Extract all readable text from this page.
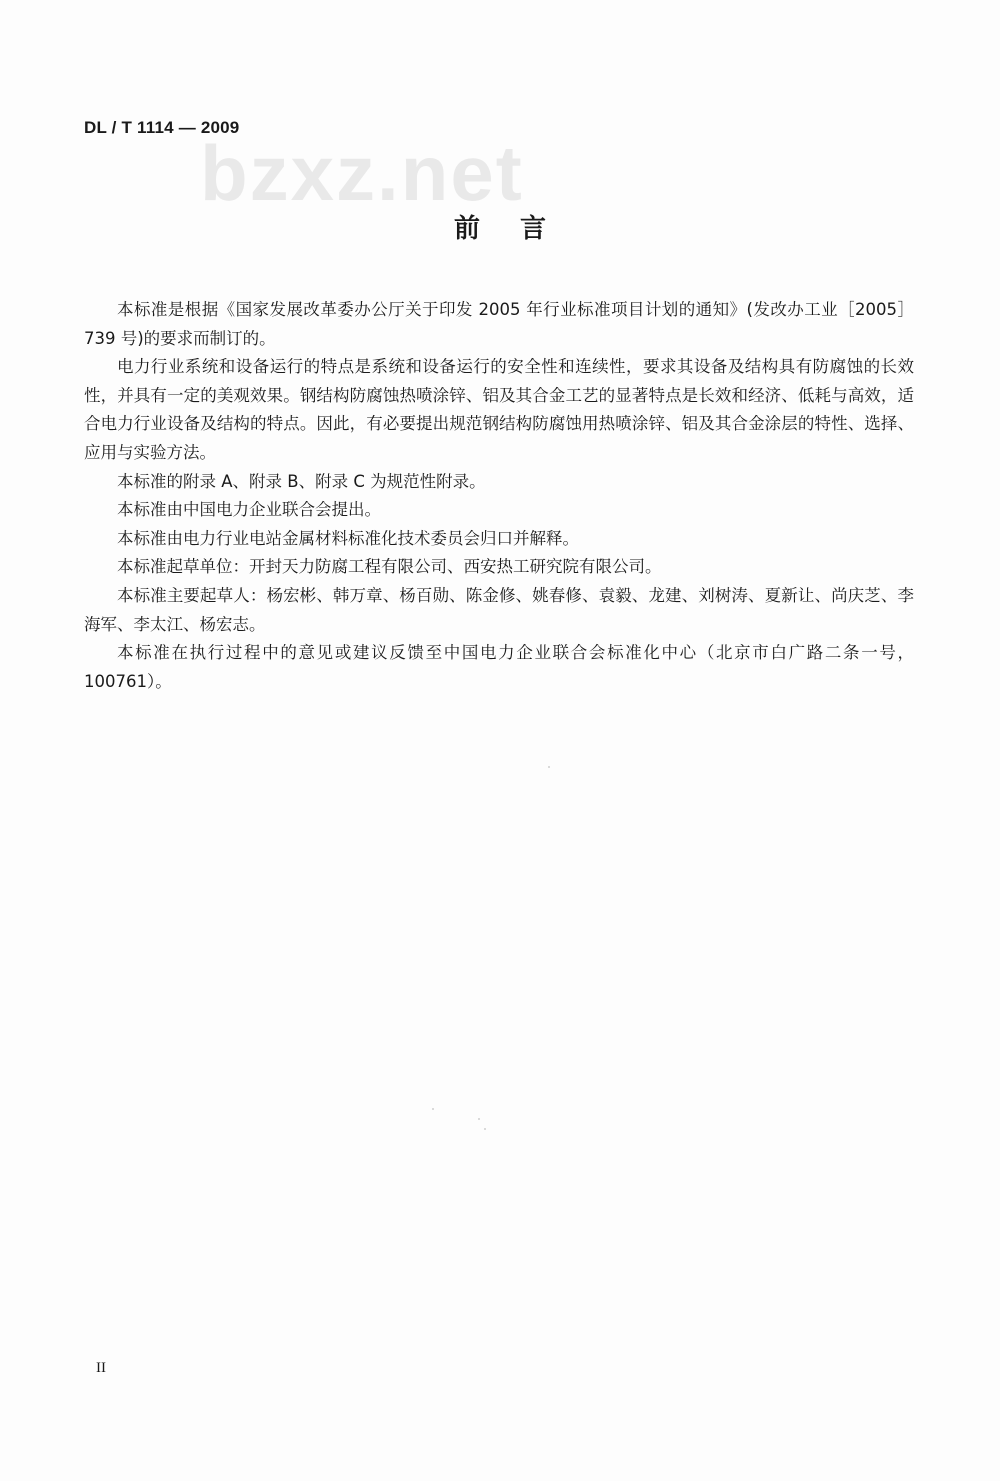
DL / T 1114 — 2009
bzxz.net
前言

本标准是根据《国家发展改革委办公厅关于印发 2005 年行业标准项目计划的通知》(发改办工业［2005］739 号)的要求而制订的。

电力行业系统和设备运行的特点是系统和设备运行的安全性和连续性，要求其设备及结构具有防腐蚀的长效性，并具有一定的美观效果。钢结构防腐蚀热喷涂锌、铝及其合金工艺的显著特点是长效和经济、低耗与高效，适合电力行业设备及结构的特点。因此，有必要提出规范钢结构防腐蚀用热喷涂锌、铝及其合金涂层的特性、选择、应用与实验方法。

本标准的附录 A、附录 B、附录 C 为规范性附录。

本标准由中国电力企业联合会提出。

本标准由电力行业电站金属材料标准化技术委员会归口并解释。

本标准起草单位：开封天力防腐工程有限公司、西安热工研究院有限公司。

本标准主要起草人：杨宏彬、韩万章、杨百勋、陈金修、姚春修、袁毅、龙建、刘树涛、夏新让、尚庆芝、李海军、李太江、杨宏志。

本标准在执行过程中的意见或建议反馈至中国电力企业联合会标准化中心（北京市白广路二条一号，100761）。

II
